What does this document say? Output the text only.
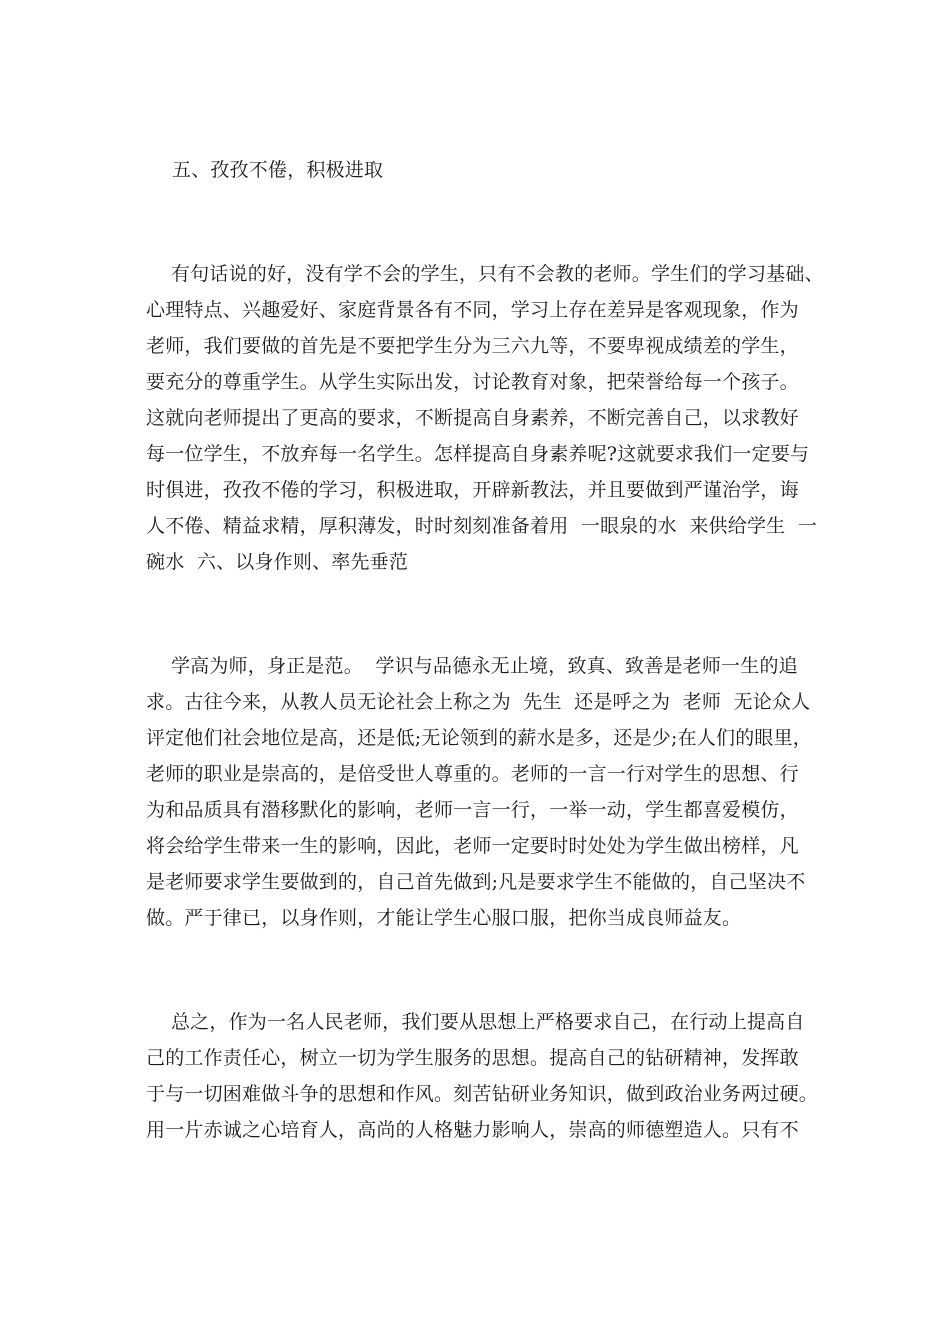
五、孜孜不倦，积极进取
有句话说的好，没有学不会的学生，只有不会教的老师。学生们的学习基础、
心理特点、兴趣爱好、家庭背景各有不同，学习上存在差异是客观现象，作为
老师，我们要做的首先是不要把学生分为三六九等，不要卑视成绩差的学生，
要充分的尊重学生。从学生实际出发，讨论教育对象，把荣誉给每一个孩子。
这就向老师提出了更高的要求，不断提高自身素养，不断完善自己，以求教好
每一位学生，不放弃每一名学生。怎样提高自身素养呢?这就要求我们一定要与
时俱进，孜孜不倦的学习，积极进取，开辟新教法，并且要做到严谨治学，诲
人不倦、精益求精，厚积薄发，时时刻刻准备着用  一眼泉的水  来供给学生  一
碗水  六、以身作则、率先垂范
学高为师，身正是范。  学识与品德永无止境，致真、致善是老师一生的追
求。古往今来，从教人员无论社会上称之为  先生  还是呼之为  老师  无论众人
评定他们社会地位是高，还是低;无论领到的薪水是多，还是少;在人们的眼里，
老师的职业是崇高的，是倍受世人尊重的。老师的一言一行对学生的思想、行
为和品质具有潜移默化的影响，老师一言一行，一举一动，学生都喜爱模仿，
将会给学生带来一生的影响，因此，老师一定要时时处处为学生做出榜样，凡
是老师要求学生要做到的，自己首先做到;凡是要求学生不能做的，自己坚决不
做。严于律已，以身作则，才能让学生心服口服，把你当成良师益友。
总之，作为一名人民老师，我们要从思想上严格要求自己，在行动上提高自
己的工作责任心，树立一切为学生服务的思想。提高自己的钻研精神，发挥敢
于与一切困难做斗争的思想和作风。刻苦钻研业务知识，做到政治业务两过硬。
用一片赤诚之心培育人，高尚的人格魅力影响人，崇高的师德塑造人。只有不
